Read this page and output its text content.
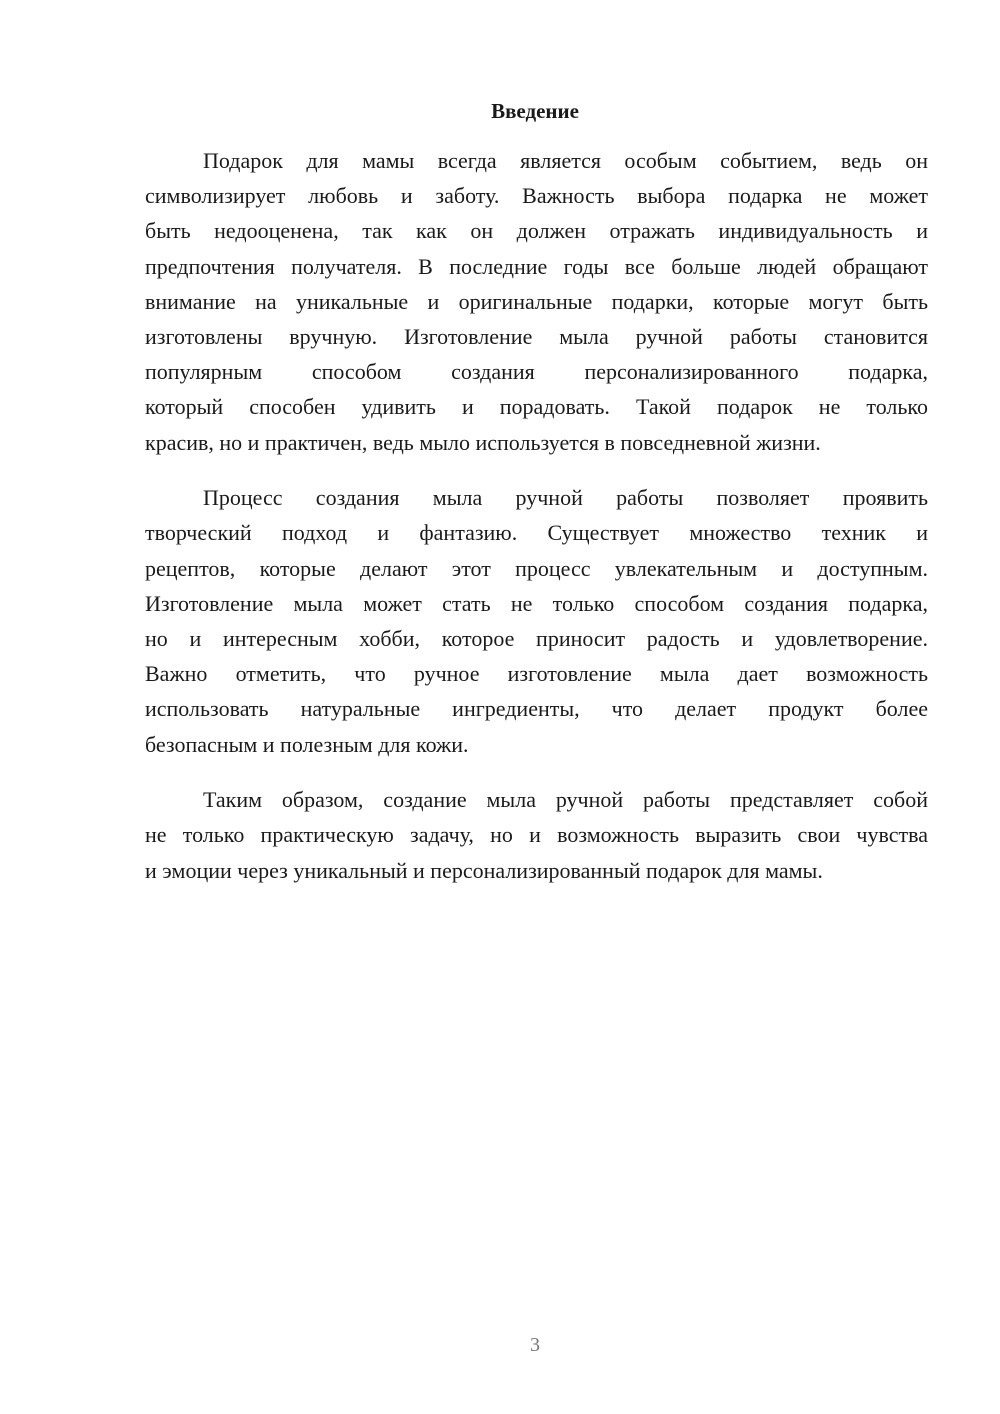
Введение
Подарок для мамы всегда является особым событием, ведь он
символизирует любовь и заботу. Важность выбора подарка не может
быть недооценена, так как он должен отражать индивидуальность и
предпочтения получателя. В последние годы все больше людей обращают
внимание на уникальные и оригинальные подарки, которые могут быть
изготовлены вручную. Изготовление мыла ручной работы становится
популярным способом создания персонализированного подарка,
который способен удивить и порадовать. Такой подарок не только
красив, но и практичен, ведь мыло используется в повседневной жизни.
Процесс создания мыла ручной работы позволяет проявить
творческий подход и фантазию. Существует множество техник и
рецептов, которые делают этот процесс увлекательным и доступным.
Изготовление мыла может стать не только способом создания подарка,
но и интересным хобби, которое приносит радость и удовлетворение.
Важно отметить, что ручное изготовление мыла дает возможность
использовать натуральные ингредиенты, что делает продукт более
безопасным и полезным для кожи.
Таким образом, создание мыла ручной работы представляет собой
не только практическую задачу, но и возможность выразить свои чувства
и эмоции через уникальный и персонализированный подарок для мамы.
3
